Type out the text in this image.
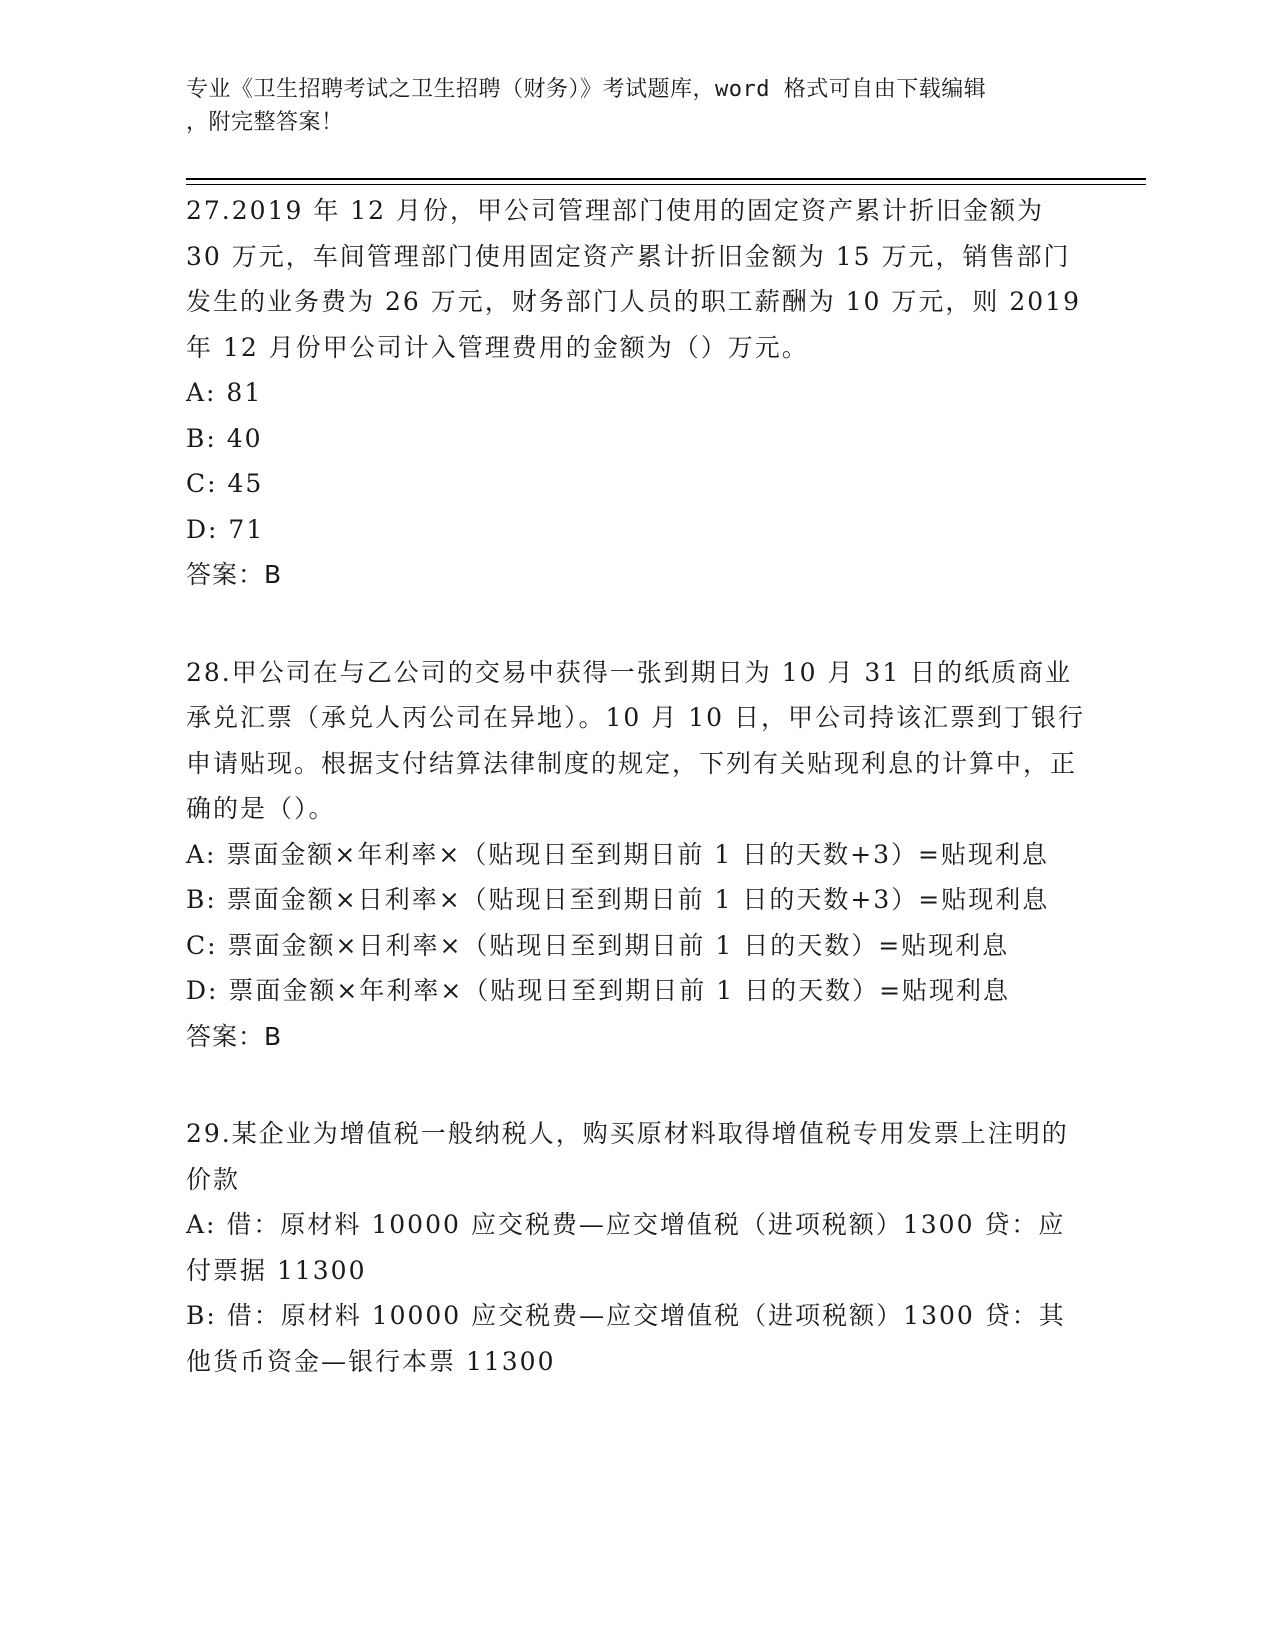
专业《卫生招聘考试之卫生招聘（财务）》考试题库，word 格式可自由下载编辑
，附完整答案！
27.2019 年 12 月份，甲公司管理部门使用的固定资产累计折旧金额为 30 万元，车间管理部门使用固定资产累计折旧金额为 15 万元，销售部门发生的业务费为 26 万元，财务部门人员的职工薪酬为 10 万元，则 2019 年 12 月份甲公司计入管理费用的金额为（）万元。
A: 81
B: 40
C: 45
D: 71
答案：B
28.甲公司在与乙公司的交易中获得一张到期日为 10 月 31 日的纸质商业承兑汇票（承兑人丙公司在异地）。10 月 10 日，甲公司持该汇票到丁银行申请贴现。根据支付结算法律制度的规定，下列有关贴现利息的计算中，正确的是（）。
A: 票面金额×年利率×（贴现日至到期日前 1 日的天数+3）=贴现利息
B: 票面金额×日利率×（贴现日至到期日前 1 日的天数+3）=贴现利息
C: 票面金额×日利率×（贴现日至到期日前 1 日的天数）=贴现利息
D: 票面金额×年利率×（贴现日至到期日前 1 日的天数）=贴现利息
答案：B
29.某企业为增值税一般纳税人，购买原材料取得增值税专用发票上注明的价款
A: 借：原材料 10000 应交税费—应交增值税（进项税额）1300 贷：应付票据 11300
B: 借：原材料 10000 应交税费—应交增值税（进项税额）1300 贷：其他货币资金—银行本票 11300
